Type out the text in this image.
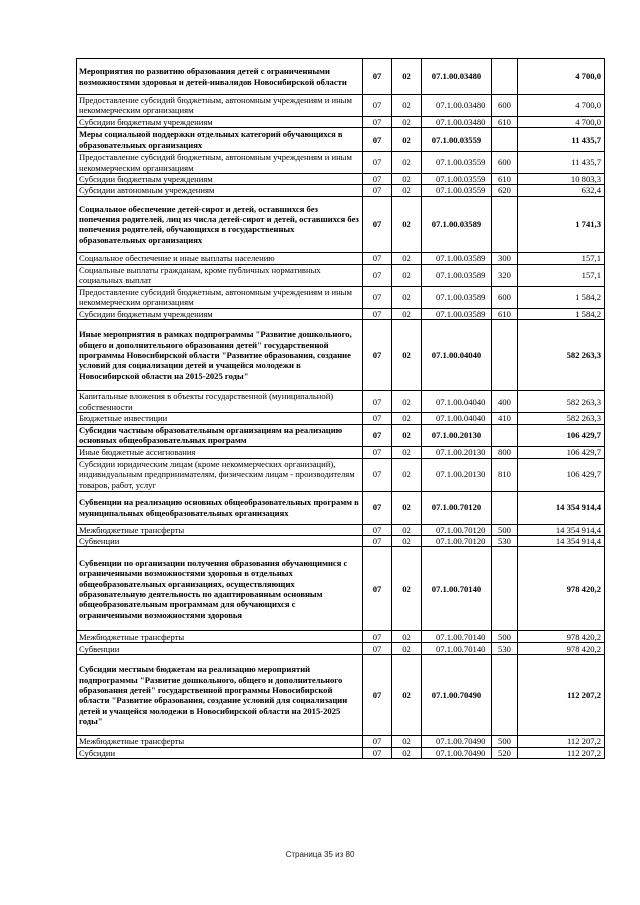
Мероприятия по развитию образования детей с ограниченными возможностями здоровья и детей-инвалидов Новосибирской области	07	02	07.1.00.03480		4 700,0
Предоставление субсидий бюджетным, автономным учреждениям и иным некоммерческим организациям	07	02	07.1.00.03480	600	4 700,0
Субсидии бюджетным учреждениям	07	02	07.1.00.03480	610	4 700,0
Меры социальной поддержки отдельных категорий обучающихся в образовательных организациях	07	02	07.1.00.03559		11 435,7
Предоставление субсидий бюджетным, автономным учреждениям и иным некоммерческим организациям	07	02	07.1.00.03559	600	11 435,7
Субсидии бюджетным учреждениям	07	02	07.1.00.03559	610	10 803,3
Субсидии автономным учреждениям	07	02	07.1.00.03559	620	632,4
Социальное обеспечение детей-сирот и детей, оставшихся без попечения родителей, лиц из числа детей-сирот и детей, оставшихся без попечения родителей, обучающихся в государственных образовательных организациях	07	02	07.1.00.03589		1 741,3
Социальное обеспечение и иные выплаты населению	07	02	07.1.00.03589	300	157,1
Социальные выплаты гражданам, кроме публичных нормативных социальных выплат	07	02	07.1.00.03589	320	157,1
Предоставление субсидий бюджетным, автономным учреждениям и иным некоммерческим организациям	07	02	07.1.00.03589	600	1 584,2
Субсидии бюджетным учреждениям	07	02	07.1.00.03589	610	1 584,2
Иные мероприятия в рамках подпрограммы "Развитие дошкольного, общего и дополнительного образования детей" государственной программы Новосибирской области "Развитие образования, создание условий для социализации детей и учащейся молодежи в Новосибирской области на 2015-2025 годы"	07	02	07.1.00.04040		582 263,3
Капитальные вложения в объекты государственной (муниципальной) собственности	07	02	07.1.00.04040	400	582 263,3
Бюджетные инвестиции	07	02	07.1.00.04040	410	582 263,3
Субсидии частным образовательным организациям на реализацию основных общеобразовательных программ	07	02	07.1.00.20130		106 429,7
Иные бюджетные ассигнования	07	02	07.1.00.20130	800	106 429,7
Субсидии юридическим лицам (кроме некоммерческих организаций), индивидуальным предпринимателям, физическим лицам - производителям товаров, работ, услуг	07	02	07.1.00.20130	810	106 429,7
Субвенции на реализацию основных общеобразовательных программ в муниципальных общеобразовательных организациях	07	02	07.1.00.70120		14 354 914,4
Межбюджетные трансферты	07	02	07.1.00.70120	500	14 354 914,4
Субвенции	07	02	07.1.00.70120	530	14 354 914,4
Субвенции по организации получения образования обучающимися с ограниченными возможностями здоровья в отдельных общеобразовательных организациях, осуществляющих образовательную деятельность по адаптированным основным общеобразовательным программам для обучающихся с ограниченными возможностями здоровья	07	02	07.1.00.70140		978 420,2
Межбюджетные трансферты	07	02	07.1.00.70140	500	978 420,2
Субвенции	07	02	07.1.00.70140	530	978 420,2
Субсидии местным бюджетам на реализацию мероприятий подпрограммы "Развитие дошкольного, общего и дополнительного образования детей" государственной программы Новосибирской области "Развитие образования, создание условий для социализации детей и учащейся молодежи в Новосибирской области на 2015-2025 годы"	07	02	07.1.00.70490		112 207,2
Межбюджетные трансферты	07	02	07.1.00.70490	500	112 207,2
Субсидии	07	02	07.1.00.70490	520	112 207,2
Страница 35 из 80
